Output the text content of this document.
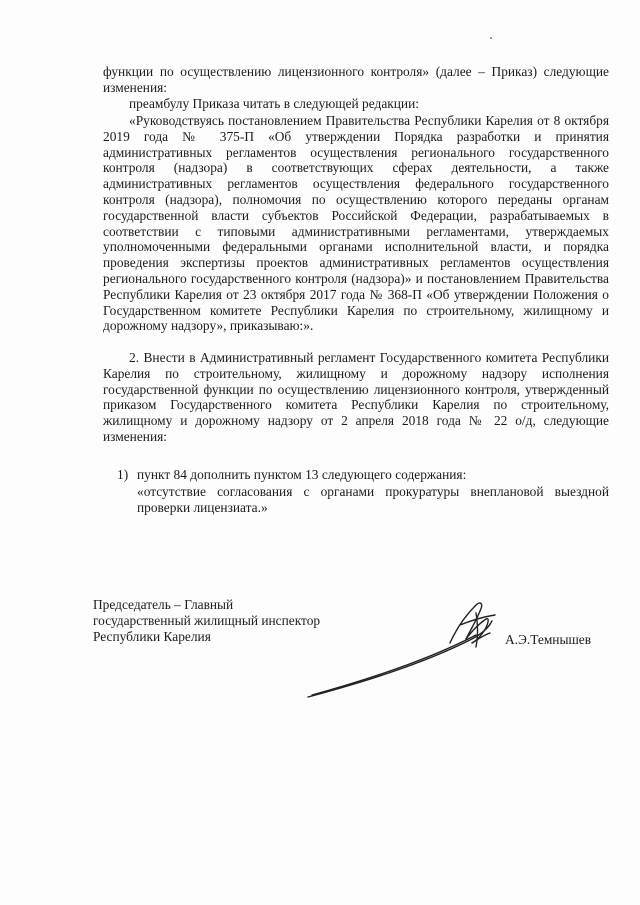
функции по осуществлению лицензионного контроля» (далее – Приказ) следующие изменения:

преамбулу Приказа читать в следующей редакции:

«Руководствуясь постановлением Правительства Республики Карелия от 8 октября 2019 года № 375-П «Об утверждении Порядка разработки и принятия административных регламентов осуществления регионального государственного контроля (надзора) в соответствующих сферах деятельности, а также административных регламентов осуществления федерального государственного контроля (надзора), полномочия по осуществлению которого переданы органам государственной власти субъектов Российской Федерации, разрабатываемых в соответствии с типовыми административными регламентами, утверждаемых уполномоченными федеральными органами исполнительной власти, и порядка проведения экспертизы проектов административных регламентов осуществления регионального государственного контроля (надзора)» и постановлением Правительства Республики Карелия от 23 октября 2017 года № 368-П «Об утверждении Положения о Государственном комитете Республики Карелия по строительному, жилищному и дорожному надзору», приказываю:».

2. Внести в Административный регламент Государственного комитета Республики Карелия по строительному, жилищному и дорожному надзору исполнения государственной функции по осуществлению лицензионного контроля, утвержденный приказом Государственного комитета Республики Карелия по строительному, жилищному и дорожному надзору от 2 апреля 2018 года № 22 о/д, следующие изменения:

1) пункт 84 дополнить пунктом 13 следующего содержания:
«отсутствие согласования с органами прокуратуры внеплановой выездной проверки лицензиата.»
Председатель – Главный
государственный жилищный инспектор
Республики Карелия	А.Э.Темнышев
